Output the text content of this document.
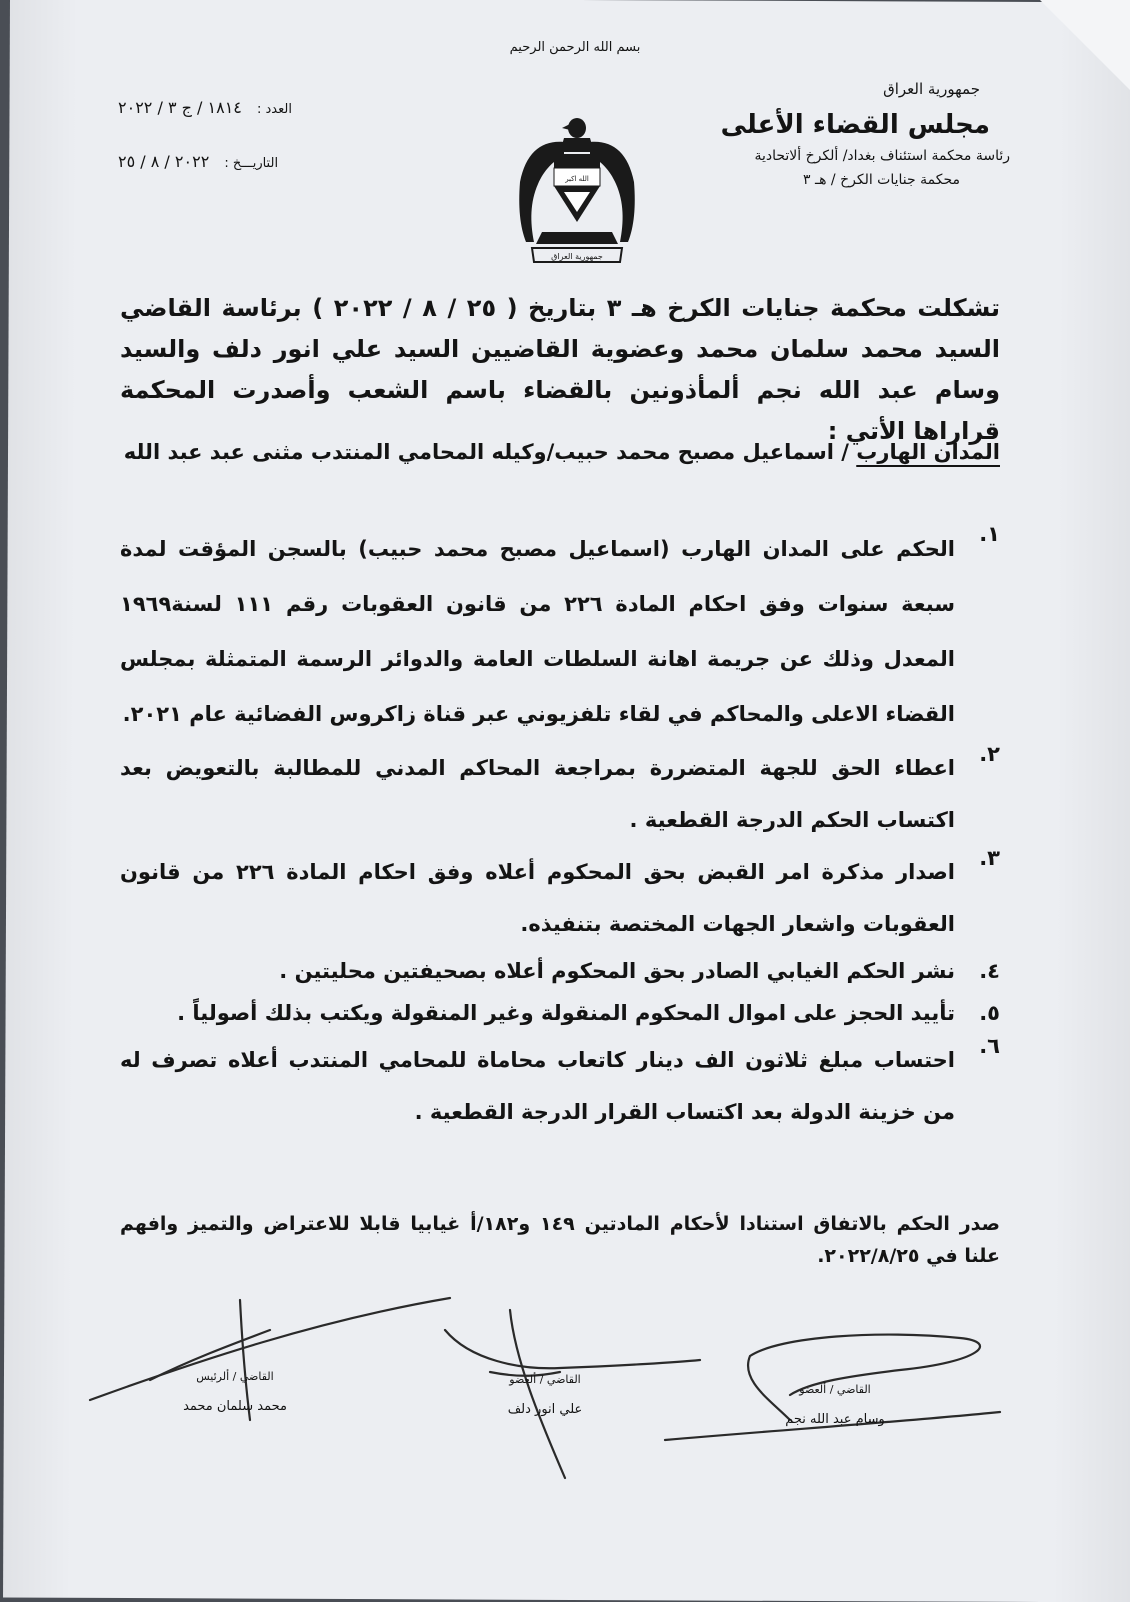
بسم الله الرحمن الرحيم
جمهورية العراق
مجلس القضاء الأعلى
رئاسة محكمة استئناف بغداد/ ألكرخ ألاتحادية
محكمة جنايات الكرخ / هـ ٣
العدد : ١٨١٤ / ج ٣ / ٢٠٢٢
التاريـــخ : ٢٠٢٢ / ٨ / ٢٥
الله اكبر
جمهورية العراق
تشكلت محكمة جنايات الكرخ هـ ٣ بتاريخ ( ٢٥ / ٨ / ٢٠٢٢ ) برئاسة القاضي السيد محمد سلمان محمد وعضوية القاضيين السيد علي انور دلف والسيد وسام عبد الله نجم ألمأذونين بالقضاء باسم الشعب وأصدرت المحكمة قراراها الأتي :
المدان الهارب / اسماعيل مصبح محمد حبيب/وكيله المحامي المنتدب مثنى عبد عبد الله
١.
الحكم على المدان الهارب (اسماعيل مصبح محمد حبيب) بالسجن المؤقت لمدة سبعة سنوات وفق احكام المادة ٢٢٦ من قانون العقوبات رقم ١١١ لسنة١٩٦٩ المعدل وذلك عن جريمة اهانة السلطات العامة والدوائر الرسمة المتمثلة بمجلس القضاء الاعلى والمحاكم في لقاء تلفزيوني عبر قناة زاكروس الفضائية عام ٢٠٢١.
٢.
اعطاء الحق للجهة المتضررة بمراجعة المحاكم المدني للمطالبة بالتعويض بعد اكتساب الحكم الدرجة القطعية .
٣.
اصدار مذكرة امر القبض بحق المحكوم أعلاه وفق احكام المادة ٢٢٦ من قانون العقوبات واشعار الجهات المختصة بتنفيذه.
٤.
نشر الحكم الغيابي الصادر بحق المحكوم أعلاه بصحيفتين محليتين .
٥.
تأييد الحجز على اموال المحكوم المنقولة وغير المنقولة ويكتب بذلك أصولياً .
٦.
احتساب مبلغ ثلاثون الف دينار كاتعاب محاماة للمحامي المنتدب أعلاه تصرف له من خزينة الدولة بعد اكتساب القرار الدرجة القطعية .
صدر الحكم بالاتفاق استنادا لأحكام المادتين ١٤٩ و١٨٢/أ غيابيا قابلا للاعتراض والتميز وافهم علنا في ٢٠٢٢/٨/٢٥.
القاضي / ألرئيس
محمد سلمان محمد
القاضي / ألعضو
علي انور دلف
القاضي / ألعضو
وسام عبد الله نجم
